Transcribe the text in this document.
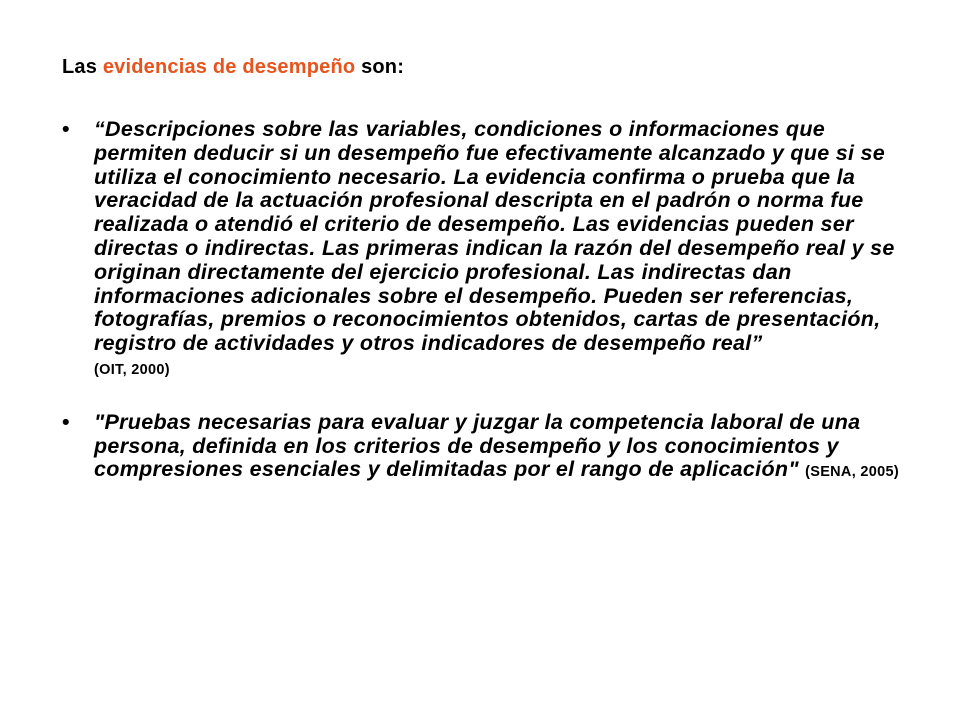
Las evidencias de desempeño son:
• “Descripciones sobre las variables, condiciones o informaciones que permiten deducir si un desempeño fue efectivamente alcanzado y que si se utiliza el conocimiento necesario. La evidencia confirma o prueba que la veracidad de la actuación profesional descripta en el padrón o norma fue realizada o atendió el criterio de desempeño. Las evidencias pueden ser directas o indirectas. Las primeras indican la razón del desempeño real y se originan directamente del ejercicio profesional. Las indirectas dan informaciones adicionales sobre el desempeño. Pueden ser referencias, fotografías, premios o reconocimientos obtenidos, cartas de presentación, registro de actividades y otros indicadores de desempeño real”
(OIT, 2000)
• "Pruebas necesarias para evaluar y juzgar la competencia laboral de una persona, definida en los criterios de desempeño y los conocimientos y compresiones esenciales y delimitadas por el rango de aplicación" (SENA, 2005)
